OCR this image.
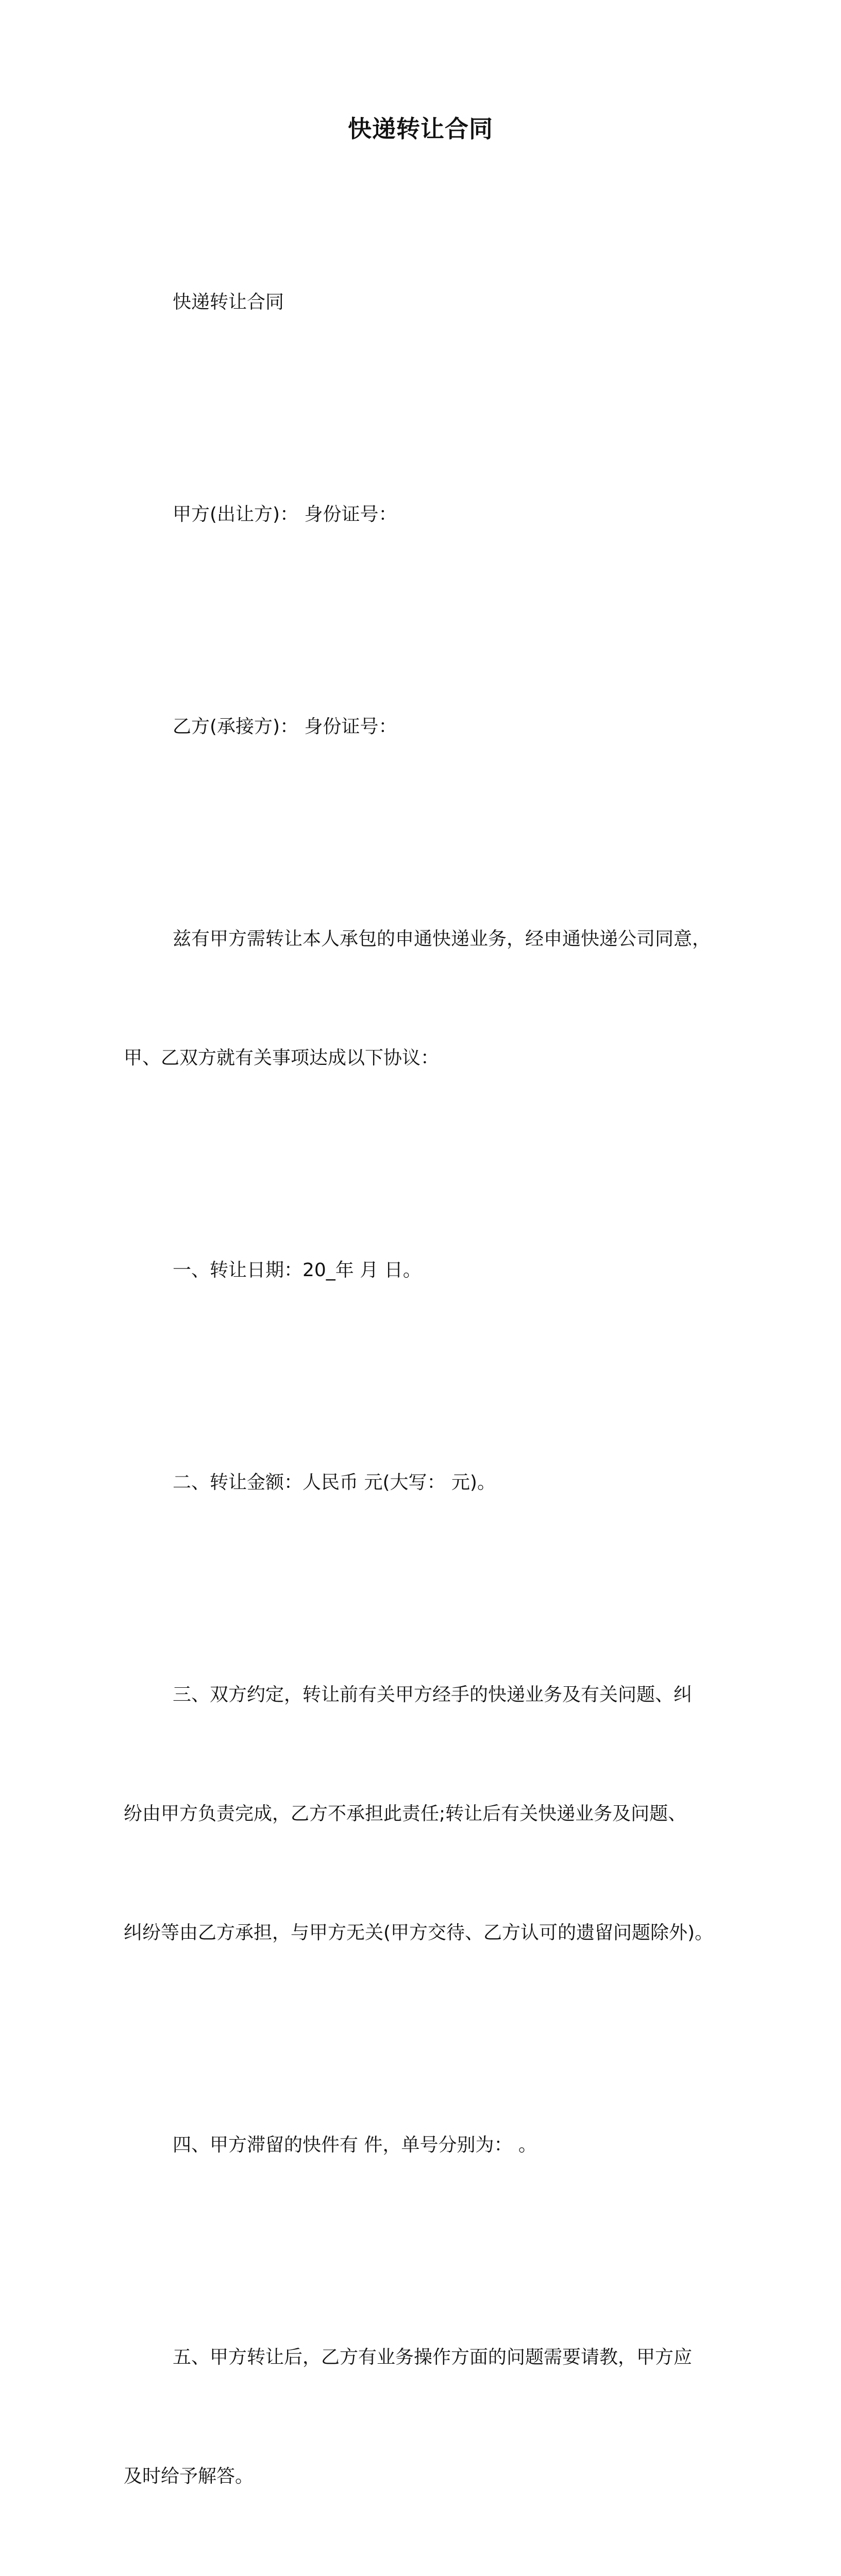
快递转让合同

快递转让合同

甲方(出让方)： 身份证号：

乙方(承接方)： 身份证号：

兹有甲方需转让本人承包的申通快递业务，经申通快递公司同意，

甲、乙双方就有关事项达成以下协议：

一、转让日期：20_年 月 日。

二、转让金额：人民币 元(大写： 元)。

三、双方约定，转让前有关甲方经手的快递业务及有关问题、纠

纷由甲方负责完成，乙方不承担此责任;转让后有关快递业务及问题、

纠纷等由乙方承担，与甲方无关(甲方交待、乙方认可的遗留问题除外)。

四、甲方滞留的快件有 件，单号分别为： 。

五、甲方转让后，乙方有业务操作方面的问题需要请教，甲方应

及时给予解答。
